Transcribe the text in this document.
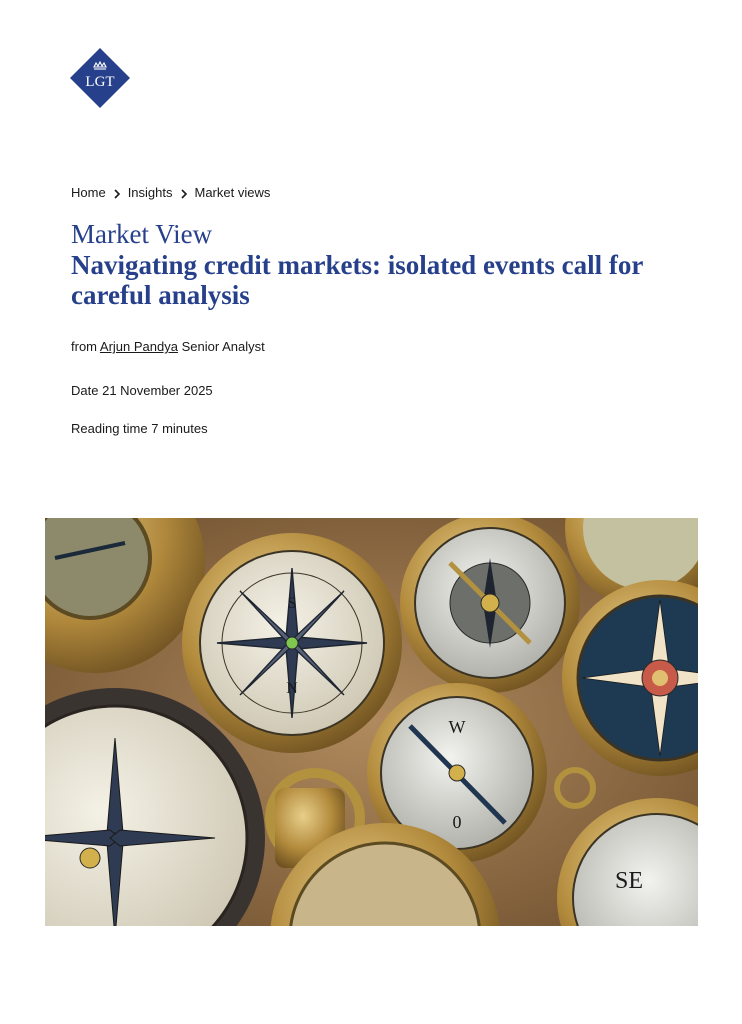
LGT
Home Insights Market views
Market View
Navigating credit markets: isolated events call for careful analysis
from Arjun Pandya Senior Analyst
Date 21 November 2025
Reading time 7 minutes
S
N
W
0
SE
